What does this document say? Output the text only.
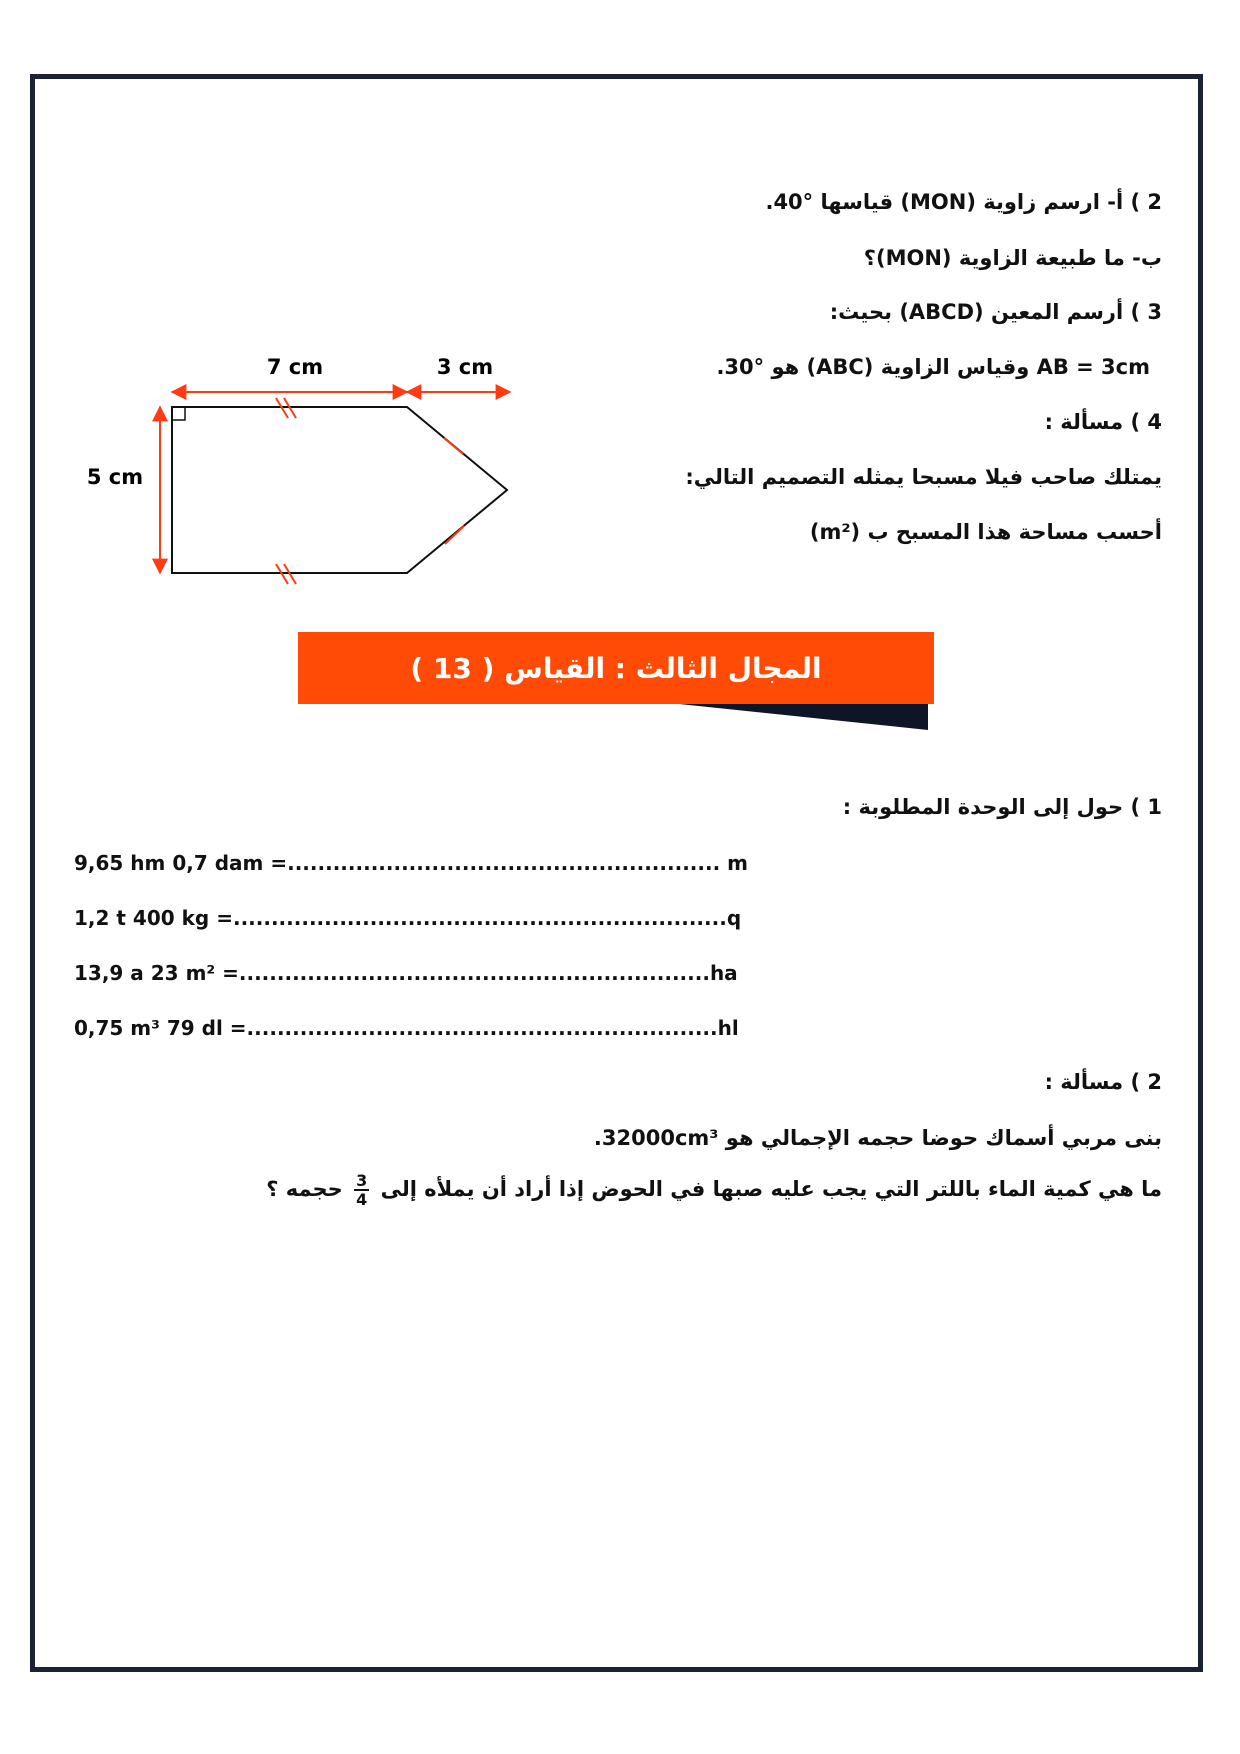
2 ) أ- ارسم زاوية (MON) قياسها °40.
ب- ما طبيعة الزاوية (MON)؟
3 ) أرسم المعين (ABCD) بحيث:
AB = 3cm وقياس الزاوية (ABC) هو °30.
4 ) مسألة :
يمتلك صاحب فيلا مسبحا يمثله التصميم التالي:
أحسب مساحة هذا المسبح ب (m²)
7 cm	3 cm
5 cm
المجال الثالث : القياس ( 13 )
1 ) حول إلى الوحدة المطلوبة :
9,65 hm 0,7 dam =......................................................... m
1,2 t 400 kg =.................................................................q
13,9 a 23 m² =..............................................................ha
0,75 m³ 79 dl =..............................................................hl
2 ) مسألة :
بنى مربي أسماك حوضا حجمه الإجمالي هو 32000cm³.
ما هي كمية الماء باللتر التي يجب عليه صبها في الحوض إذا أراد أن يملأه إلى
$\frac{3}{4}$
حجمه ؟
